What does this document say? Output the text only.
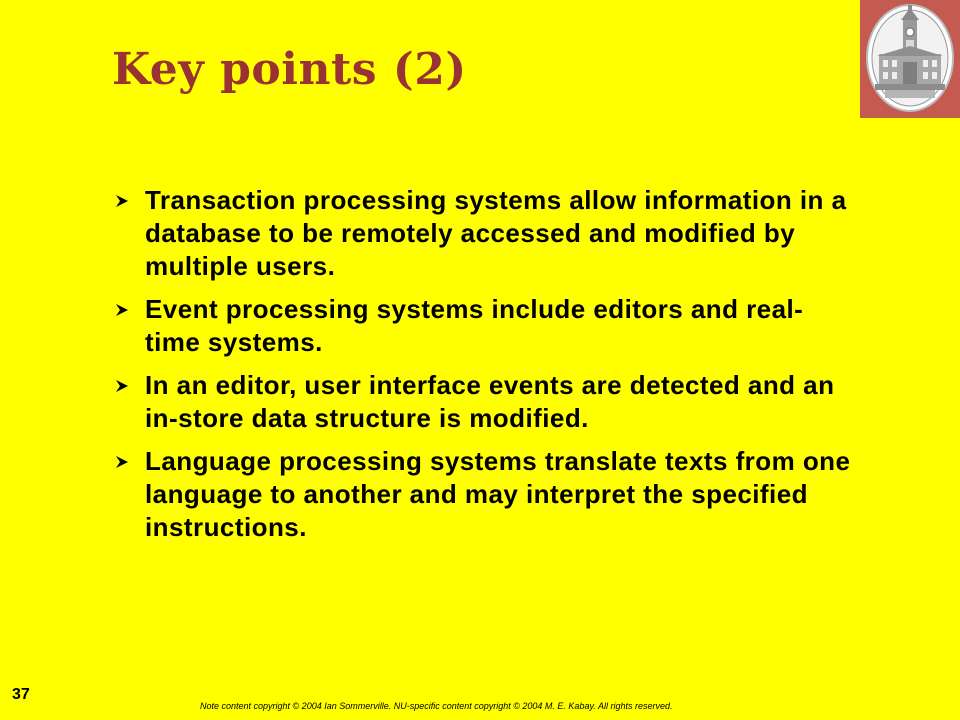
Key points (2)
Transaction processing systems allow information in a database to be remotely accessed and modified by multiple users.
Event processing systems include editors and real-time systems.
In an editor, user interface events are detected and an in-store data structure is modified.
Language processing systems translate texts from one language to another and may interpret the specified instructions.
37
Note content copyright © 2004 Ian Sommerville. NU-specific content copyright © 2004 M. E. Kabay. All rights reserved.
